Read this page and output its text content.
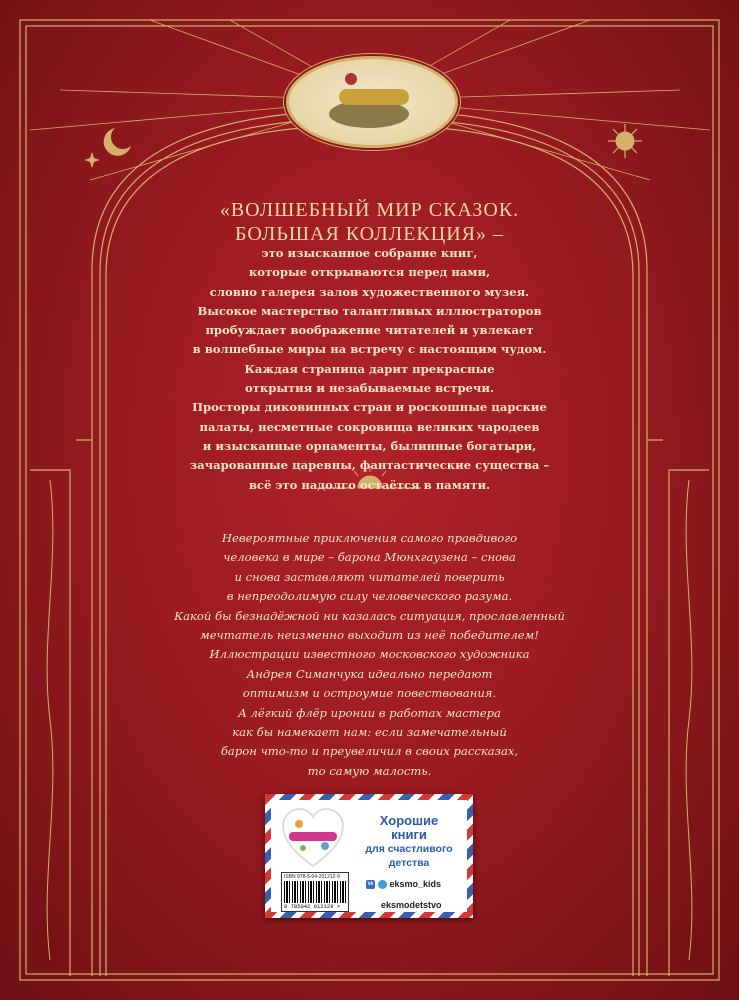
«ВОЛШЕБНЫЙ МИР СКАЗОК.
БОЛЬШАЯ КОЛЛЕКЦИЯ» –
это изысканное собрание книг,
которые открываются перед нами,
словно галерея залов художественного музея.
Высокое мастерство талантливых иллюстраторов
пробуждает воображение читателей и увлекает
в волшебные миры на встречу с настоящим чудом.
Каждая страница дарит прекрасные
открытия и незабываемые встречи.
Просторы диковинных стран и роскошные царские
палаты, несметные сокровища великих чародеев
и изысканные орнаменты, былинные богатыри,
зачарованные царевны, фантастические существа –
всё это надолго остаётся в памяти.
Невероятные приключения самого правдивого
человека в мире – барона Мюнхгаузена – снова
и снова заставляют читателей поверить
в непреодолимую силу человеческого разума.
Какой бы безнадёжной ни казалась ситуация, прославленный
мечтатель неизменно выходит из неё победителем!
Иллюстрации известного московского художника
Андрея Симанчука идеально передают
оптимизм и остроумие повествования.
А лёгкий флёр иронии в работах мастера
как бы намекает нам: если замечательный
барон что-то и преувеличил в своих рассказах,
то самую малость.
Хорошие
книги
для счастливого
детства
ISBN 978-5-04-201212-9
9 785042 012129 >
vk eksmo_kids
eksmodetstvo
